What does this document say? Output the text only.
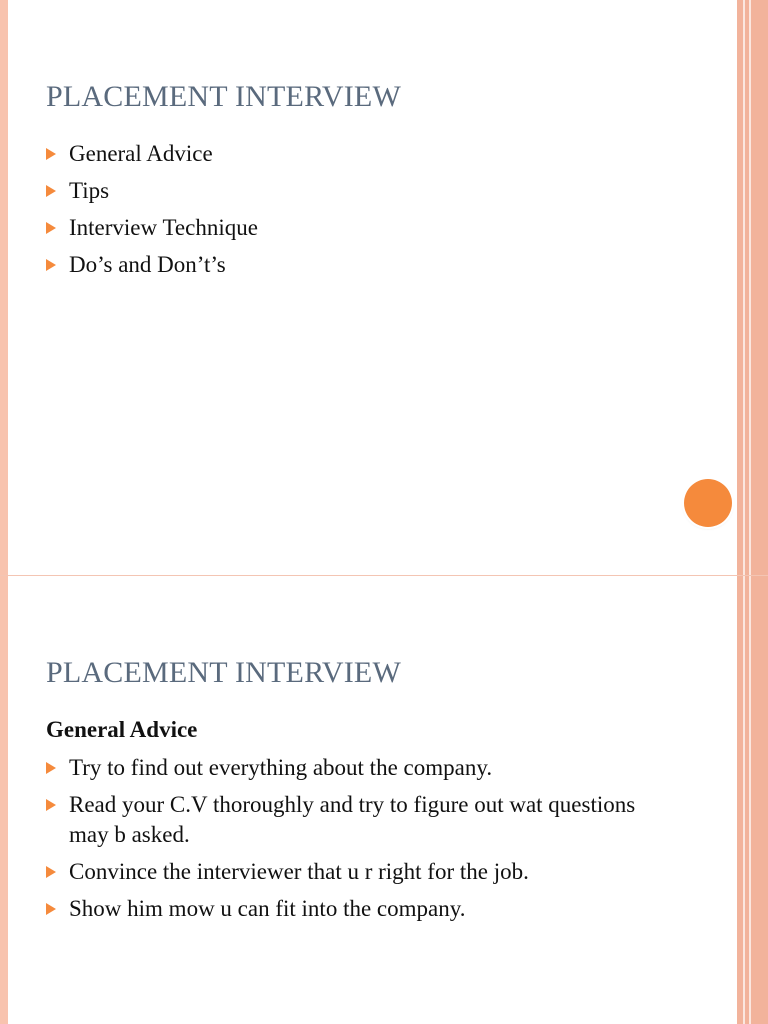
PLACEMENT INTERVIEW
General Advice
Tips
Interview Technique
Do’s and Don’t’s
PLACEMENT INTERVIEW
General Advice
Try to find out everything about the company.
Read your C.V thoroughly and try to figure out wat questions may b asked.
Convince the interviewer that u r right for the job.
Show him mow u can fit into the company.
